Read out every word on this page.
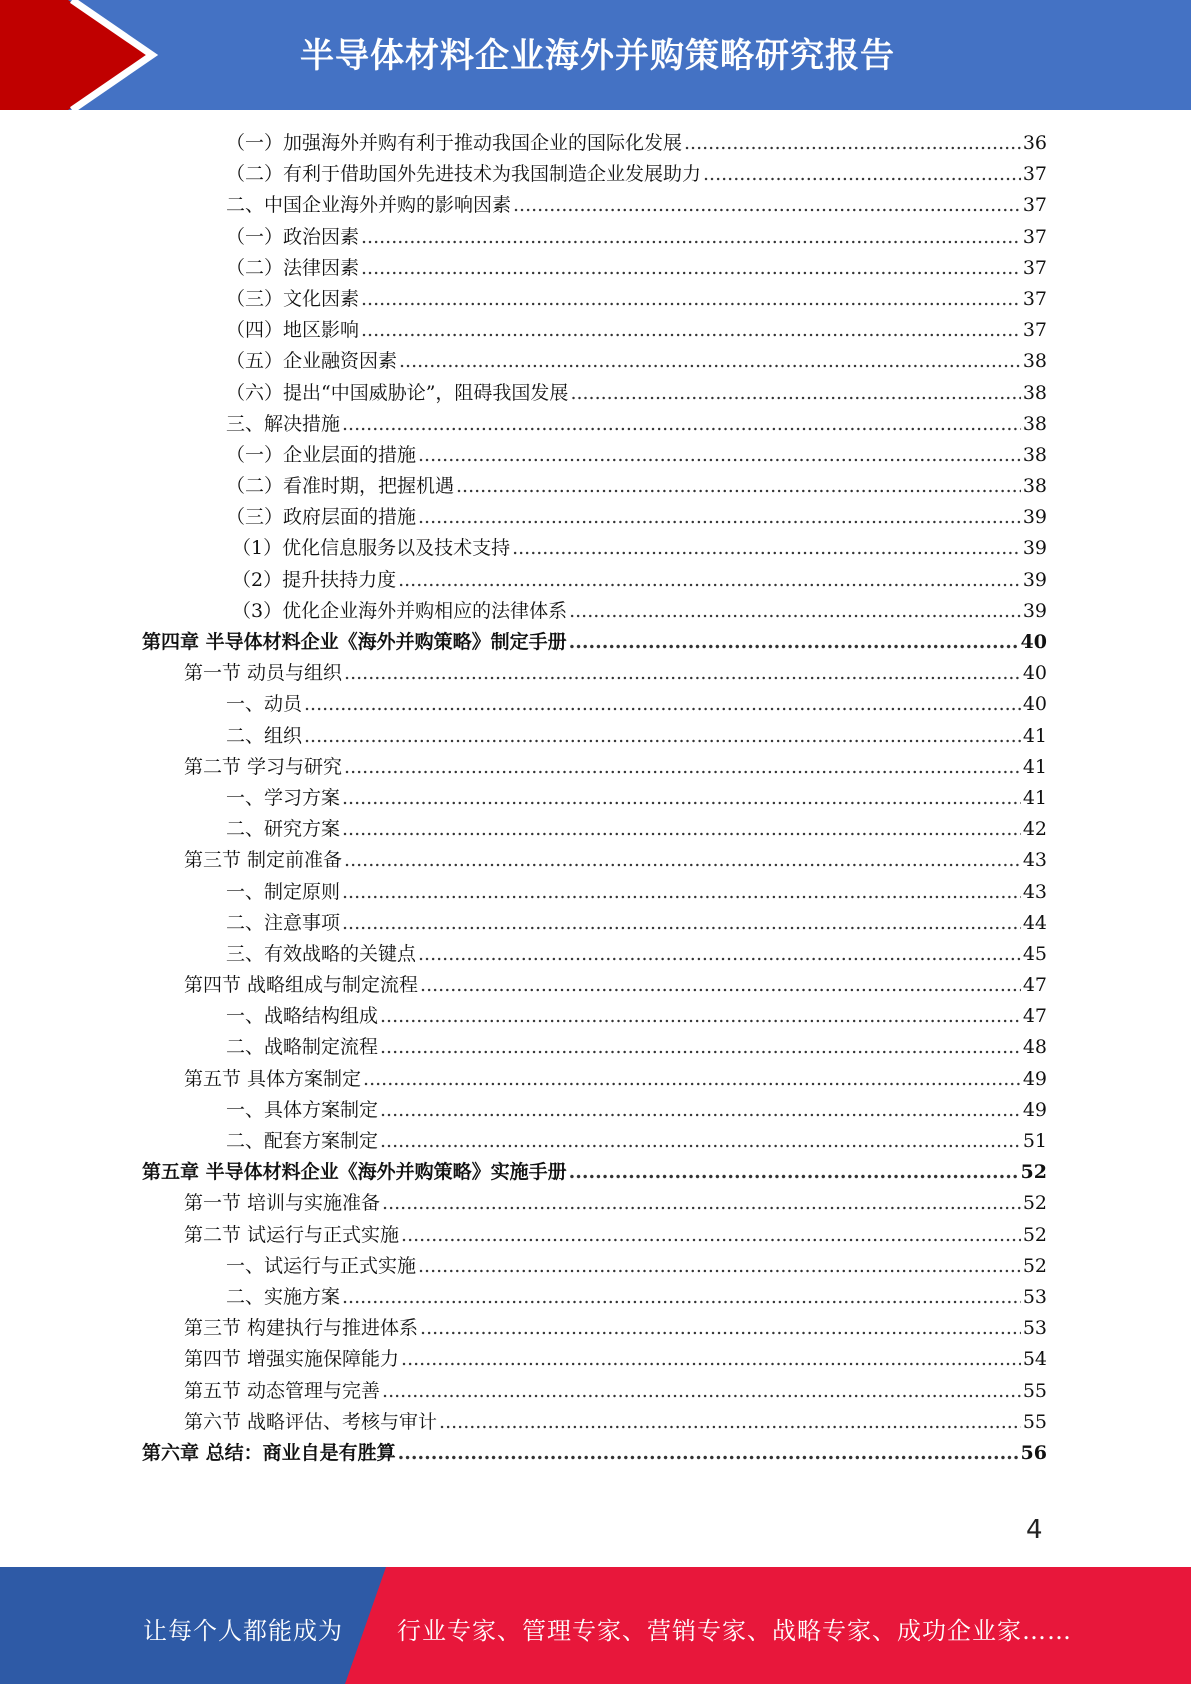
半导体材料企业海外并购策略研究报告
（一）加强海外并购有利于推动我国企业的国际化发展 .....	36
（二）有利于借助国外先进技术为我国制造企业发展助力 .....	37
二、中国企业海外并购的影响因素 .....	37
（一）政治因素 .....	37
（二）法律因素 .....	37
（三）文化因素 .....	37
（四）地区影响 .....	37
（五）企业融资因素 .....	38
（六）提出“中国威胁论”，阻碍我国发展 .....	38
三、解决措施 .....	38
（一）企业层面的措施 .....	38
（二）看准时期，把握机遇 .....	38
（三）政府层面的措施 .....	39
（1）优化信息服务以及技术支持 .....	39
（2）提升扶持力度 .....	39
（3）优化企业海外并购相应的法律体系 .....	39
第四章 半导体材料企业《海外并购策略》制定手册 .....	40
第一节 动员与组织 .....	40
一、动员 .....	40
二、组织 .....	41
第二节 学习与研究 .....	41
一、学习方案 .....	41
二、研究方案 .....	42
第三节 制定前准备 .....	43
一、制定原则 .....	43
二、注意事项 .....	44
三、有效战略的关键点 .....	45
第四节 战略组成与制定流程 .....	47
一、战略结构组成 .....	47
二、战略制定流程 .....	48
第五节 具体方案制定 .....	49
一、具体方案制定 .....	49
二、配套方案制定 .....	51
第五章 半导体材料企业《海外并购策略》实施手册 .....	52
第一节 培训与实施准备 .....	52
第二节 试运行与正式实施 .....	52
一、试运行与正式实施 .....	52
二、实施方案 .....	53
第三节 构建执行与推进体系 .....	53
第四节 增强实施保障能力 .....	54
第五节 动态管理与完善 .....	55
第六节 战略评估、考核与审计 .....	55
第六章 总结：商业自是有胜算 .....	56
4
让每个人都能成为 行业专家、管理专家、营销专家、战略专家、成功企业家……
